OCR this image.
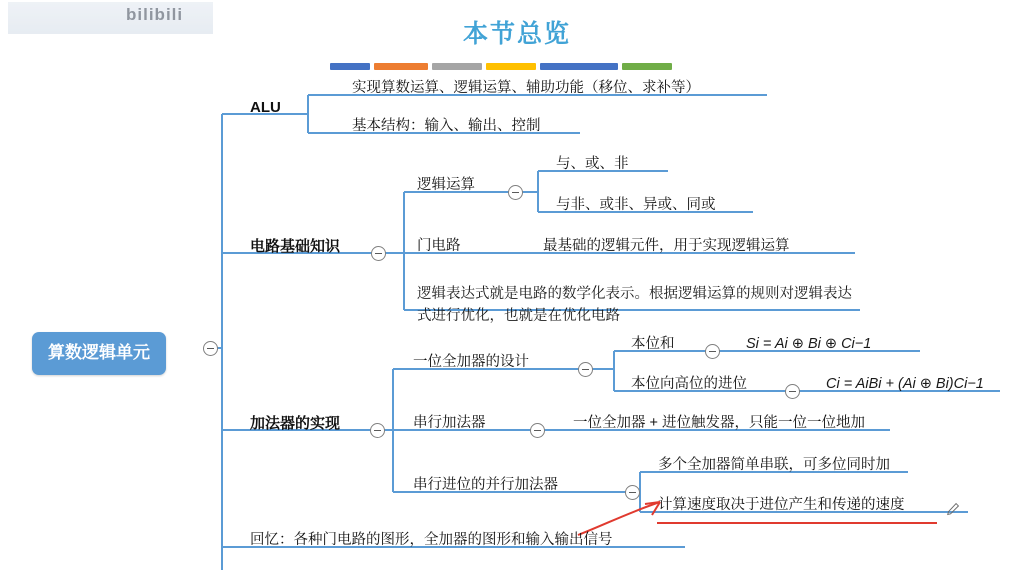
bilibili
本节总览
算数逻辑单元
ALU
实现算数运算、逻辑运算、辅助功能（移位、求补等）
基本结构：输入、输出、控制
电路基础知识
逻辑运算
与、或、非
与非、或非、异或、同或
门电路	最基础的逻辑元件，用于实现逻辑运算
逻辑表达式就是电路的数学化表示。根据逻辑运算的规则对逻辑表达式进行优化，也就是在优化电路
加法器的实现
一位全加器的设计
本位和	Si = Ai ⊕ Bi ⊕ Ci−1
本位向高位的进位	Ci = AiBi + (Ai ⊕ Bi)Ci−1
串行加法器	一位全加器 + 进位触发器，只能一位一位地加
串行进位的并行加法器
多个全加器简单串联，可多位同时加
计算速度取决于进位产生和传递的速度
回忆：各种门电路的图形，全加器的图形和输入输出信号
